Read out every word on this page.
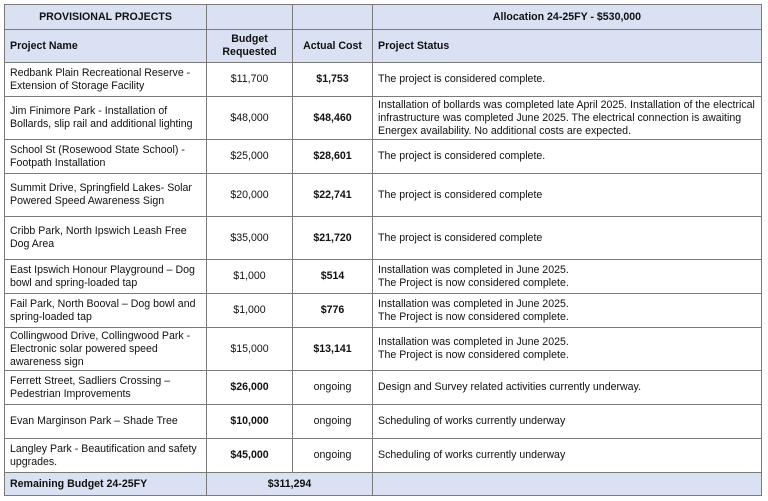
PROVISIONAL PROJECTS			Allocation 24-25FY - $530,000
Project Name	Budget Requested	Actual Cost	Project Status
Redbank Plain Recreational Reserve - Extension of Storage Facility	$11,700	$1,753	The project is considered complete.

Jim Finimore Park - Installation of Bollards, slip rail and additional lighting	$48,000	$48,460	Installation of bollards was completed late April 2025. Installation of the electrical infrastructure was completed June 2025. The electrical connection is awaiting Energex availability. No additional costs are expected.

School St (Rosewood State School) - Footpath Installation	$25,000	$28,601	The project is considered complete.

Summit Drive, Springfield Lakes- Solar Powered Speed Awareness Sign	$20,000	$22,741	The project is considered complete

Cribb Park, North Ipswich Leash Free Dog Area	$35,000	$21,720	The project is considered complete

East Ipswich Honour Playground – Dog bowl and spring-loaded tap	$1,000	$514	Installation was completed in June 2025.
The Project is now considered complete.

Fail Park, North Booval – Dog bowl and spring-loaded tap	$1,000	$776	Installation was completed in June 2025.
The Project is now considered complete.

Collingwood Drive, Collingwood Park - Electronic solar powered speed awareness sign	$15,000	$13,141	Installation was completed in June 2025.
The Project is now considered complete.

Ferrett Street, Sadliers Crossing – Pedestrian Improvements	$26,000	ongoing	Design and Survey related activities currently underway.

Evan Marginson Park – Shade Tree	$10,000	ongoing	Scheduling of works currently underway

Langley Park - Beautification and safety upgrades.	$45,000	ongoing	Scheduling of works currently underway

Remaining Budget 24-25FY	$311,294		
